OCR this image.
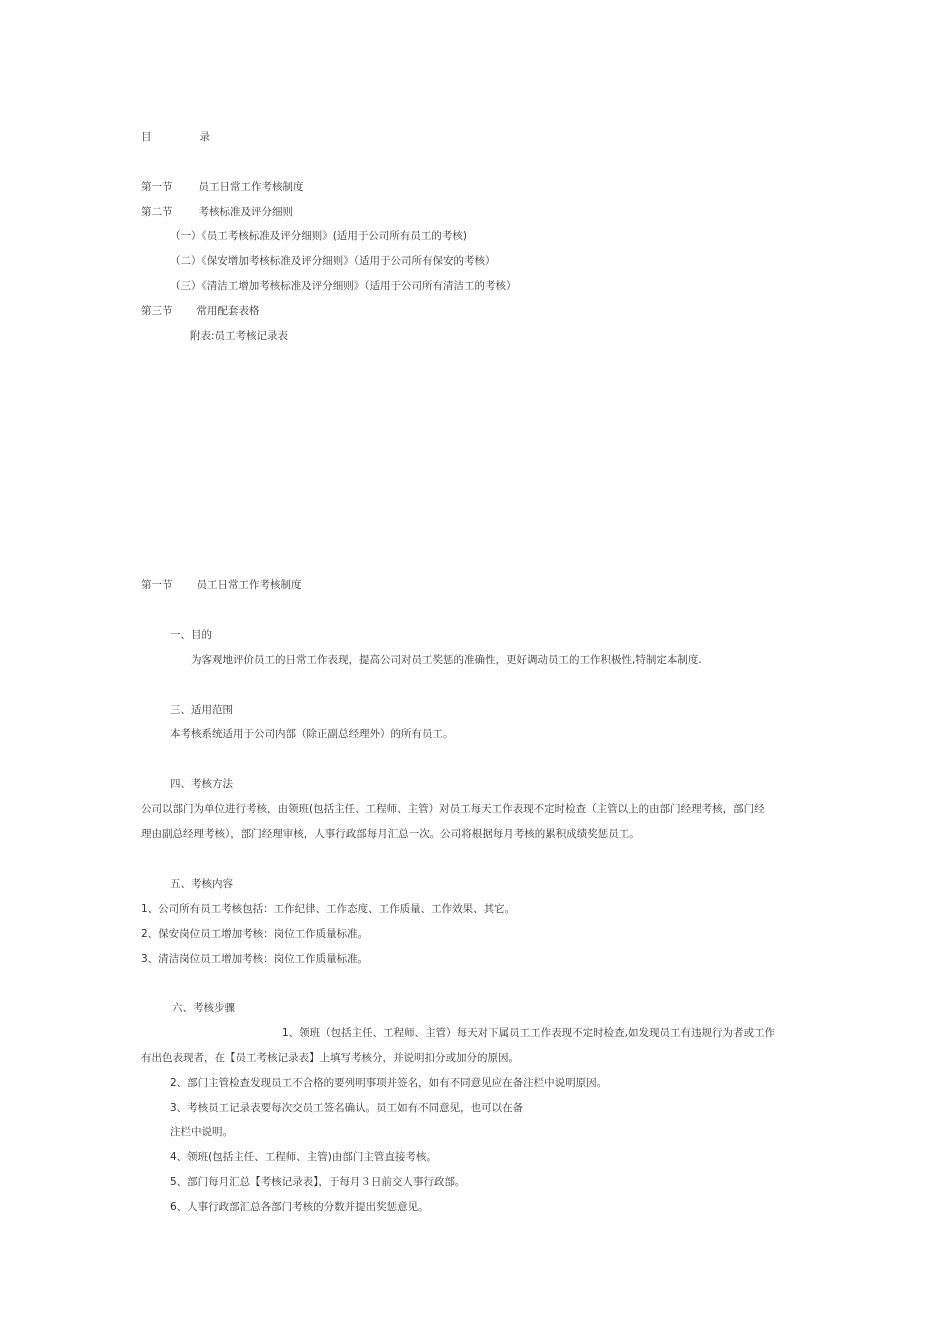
目	录
第一节 员工日常工作考核制度
第二节 考核标准及评分细则
（一）《员工考核标准及评分细则》(适用于公司所有员工的考核)
（二）《保安增加考核标准及评分细则》（适用于公司所有保安的考核）
（三）《清洁工增加考核标准及评分细则》（适用于公司所有清洁工的考核）
第三节 常用配套表格
附表:员工考核记录表
第一节 员工日常工作考核制度
一、目的
为客观地评价员工的日常工作表现，提高公司对员工奖惩的准确性，更好调动员工的工作积极性,特制定本制度.
三、适用范围
本考核系统适用于公司内部（除正副总经理外）的所有员工。
四、考核方法
公司以部门为单位进行考核，由领班(包括主任、工程师、主管）对员工每天工作表现不定时检查（主管以上的由部门经理考核，部门经
理由副总经理考核），部门经理审核，人事行政部每月汇总一次。公司将根据每月考核的累积成绩奖惩员工。
五、考核内容
1、公司所有员工考核包括：工作纪律、工作态度、工作质量、工作效果、其它。
2、保安岗位员工增加考核：岗位工作质量标准。
3、清洁岗位员工增加考核：岗位工作质量标准。
六、考核步骤
1、领班（包括主任、工程师、主管）每天对下属员工工作表现不定时检查,如发现员工有违规行为者或工作
有出色表现者，在【员工考核记录表】上填写考核分，并说明扣分或加分的原因。
2、部门主管检查发现员工不合格的要列明事项并签名，如有不同意见应在备注栏中说明原因。
3、考核员工记录表要每次交员工签名确认。员工如有不同意见，也可以在备
注栏中说明。
4、领班(包括主任、工程师、主管)由部门主管直接考核。
5、部门每月汇总【考核记录表】，于每月３日前交人事行政部。
6、人事行政部汇总各部门考核的分数并提出奖惩意见。
